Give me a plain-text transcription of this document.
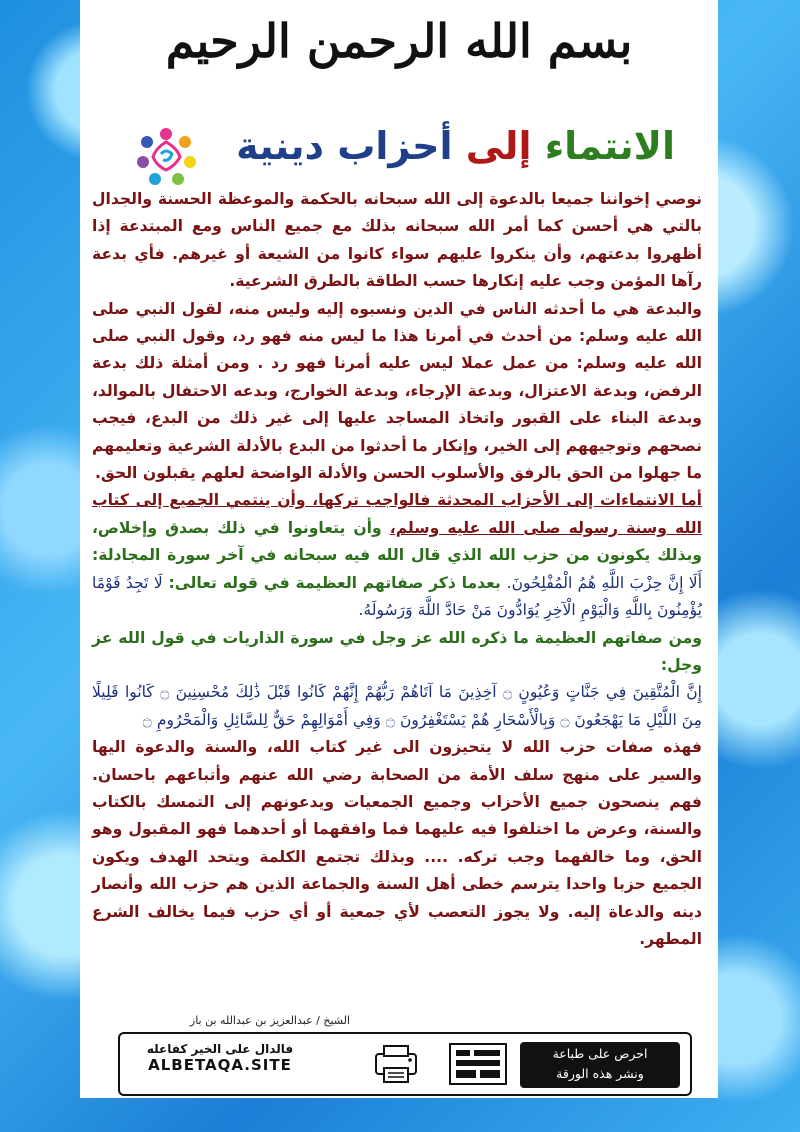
بسم الله الرحمن الرحيم
الانتماء إلى أحزاب دينية

نوصي إخواننا جميعا بالدعوة إلى الله سبحانه بالحكمة والموعظة الحسنة والجدال بالتي هي أحسن كما أمر الله سبحانه بذلك مع جميع الناس ومع المبتدعة إذا أظهروا بدعتهم، وأن ينكروا عليهم سواء كانوا من الشيعة أو غيرهم. فأي بدعة رآها المؤمن وجب عليه إنكارها حسب الطاقة بالطرق الشرعية.

والبدعة هي ما أحدثه الناس في الدين ونسبوه إليه وليس منه، لقول النبي صلى الله عليه وسلم: من أحدث في أمرنا هذا ما ليس منه فهو رد، وقول النبي صلى الله عليه وسلم: من عمل عملا ليس عليه أمرنا فهو رد . ومن أمثلة ذلك بدعة الرفض، وبدعة الاعتزال، وبدعة الإرجاء، وبدعة الخوارج، وبدعه الاحتفال بالموالد، وبدعة البناء على القبور واتخاذ المساجد عليها إلى غير ذلك من البدع، فيجب نصحهم وتوجيههم إلى الخير، وإنكار ما أحدثوا من البدع بالأدلة الشرعية وتعليمهم ما جهلوا من الحق بالرفق والأسلوب الحسن والأدلة الواضحة لعلهم يقبلون الحق.

أما الانتماءات إلى الأحزاب المحدثة فالواجب تركها، وأن ينتمي الجميع إلى كتاب الله وسنة رسوله صلى الله عليه وسلم، وأن يتعاونوا في ذلك بصدق وإخلاص، وبذلك يكونون من حزب الله الذي قال الله فيه سبحانه في آخر سورة المجادلة: أَلَا إِنَّ حِزْبَ اللَّهِ هُمُ الْمُفْلِحُونَ. بعدما ذكر صفاتهم العظيمة في قوله تعالى: لَا تَجِدُ قَوْمًا يُؤْمِنُونَ بِاللَّهِ وَالْيَوْمِ الْآخِرِ يُوَادُّونَ مَنْ حَادَّ اللَّهَ وَرَسُولَهُ.

ومن صفاتهم العظيمة ما ذكره الله عز وجل في سورة الذاريات في قول الله عز وجل:

إِنَّ الْمُتَّقِينَ فِي جَنَّاتٍ وَعُيُونٍ ۝ آخِذِينَ مَا آتَاهُمْ رَبُّهُمْ إِنَّهُمْ كَانُوا قَبْلَ ذَٰلِكَ مُحْسِنِينَ ۝ كَانُوا قَلِيلًا مِنَ اللَّيْلِ مَا يَهْجَعُونَ ۝ وَبِالْأَسْحَارِ هُمْ يَسْتَغْفِرُونَ ۝ وَفِي أَمْوَالِهِمْ حَقٌّ لِلسَّائِلِ وَالْمَحْرُومِ ۝

فهذه صفات حزب الله لا يتحيزون الى غير كتاب الله، والسنة والدعوة اليها والسير على منهج سلف الأمة من الصحابة رضي الله عنهم وأتباعهم باحسان. فهم ينصحون جميع الأحزاب وجميع الجمعيات ويدعونهم إلى التمسك بالكتاب والسنة، وعرض ما اختلفوا فيه عليهما فما وافقهما أو أحدهما فهو المقبول وهو الحق، وما خالفهما وجب تركه. .... وبذلك تجتمع الكلمة ويتحد الهدف ويكون الجميع حزبا واحدا يترسم خطى أهل السنة والجماعة الذين هم حزب الله وأنصار دينه والدعاة إليه. ولا يجوز التعصب لأي جمعية أو أي حزب فيما يخالف الشرع المطهر.

الشيخ / عبدالعزيز بن عبدالله بن باز
احرص على طباعة
ونشر هذه الورقة
فالدال على الخير كفاعله
ALBETAQA.SITE
